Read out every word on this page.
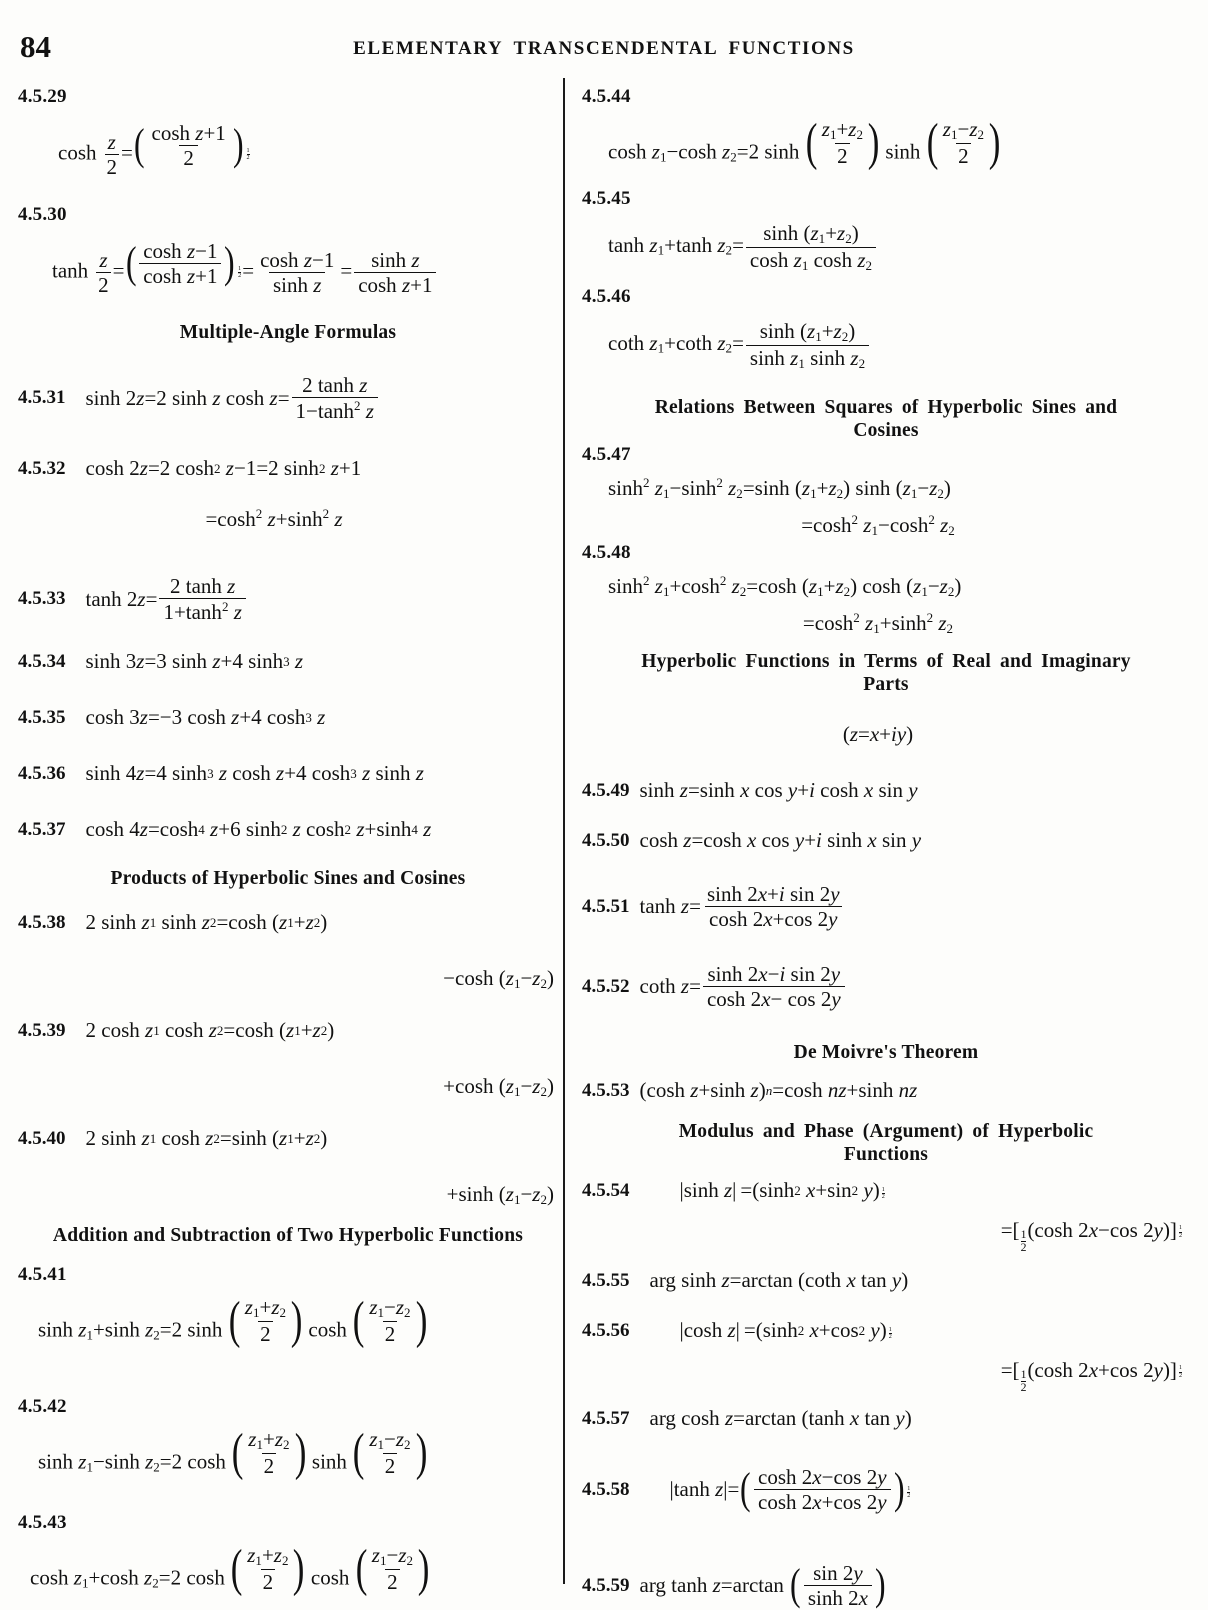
84	ELEMENTARY TRANSCENDENTAL FUNCTIONS
4.5.29
$\cosh \frac{z}{2}$ = ( $\frac{\text{cosh z+1}}{2}$ ) $^{\frac{1}{2}}$
4.5.30
$\tanh \frac{z}{2}$ = ( $\frac{\text{cosh z−1}}{\text{cosh z+1}}$ ) $^{\frac{1}{2}} = \frac{\text{cosh z−1}}{\text{sinh z}} = \frac{\text{sinh z}}{\text{cosh z+1}}$
Multiple-Angle Formulas
4.5.31 sinh 2 z =2 sinh z $\cosh z = \frac{\text{2 tanh z}}{1-\tanh^2 z}$
4.5.32 cosh 2 z =2 cosh 2
z −1=2 sinh 2
z +1
$=\cosh^2$ $z+\sinh^2$ z
4.5.33 tanh 2 $z = \frac{\text{2 tanh z}}{1+\tanh^2 z}$
4.5.34 sinh 3 z =3 sinh z +4 sinh 3
z
4.5.35 cosh 3 z =−3 cosh z +4 cosh 3
z
4.5.36 sinh 4 z =4 sinh 3
z cosh z +4 cosh 3
z sinh z
4.5.37 cosh 4 z =cosh 4
z +6 sinh 2
z cosh 2
z +sinh 4
z
Products of Hyperbolic Sines and Cosines
4.5.38 2 sinh z 1 sinh z 2 =cosh ( z 1 + z 2 )
−cosh $(z_1-z_2)$
4.5.39 2 cosh z 1 cosh z 2 =cosh ( z 1 + z 2 )
+cosh $(z_1-z_2)$
4.5.40 2 sinh z 1 cosh z 2 =sinh ( z 1 + z 2 )
+sinh $(z_1-z_2)$
Addition and Subtraction of Two Hyperbolic Functions
4.5.41
$\sinh z_1+\sinh$ $z_2=2$ sinh ( $\frac{z_1+z_2}{2}$ ) cosh ( $\frac{z_1-z_2}{2}$ )
4.5.42
$\sinh z_1-\sinh$ $z_2=2$ cosh ( $\frac{z_1+z_2}{2}$ ) sinh ( $\frac{z_1-z_2}{2}$ )
4.5.43
$\cosh z_1+\cosh$ $z_2=2$ cosh ( $\frac{z_1+z_2}{2}$ ) cosh ( $\frac{z_1-z_2}{2}$ )
4.5.44
$\cosh z_1-\cosh$ $z_2=2$ sinh ( $\frac{z_1+z_2}{2}$ ) sinh ( $\frac{z_1-z_2}{2}$ )
4.5.45
$\tanh z_1+\tanh$ $z_2= \frac{\sinh (z_1+z_2)}{\cosh z_1 \cosh z_2}$
4.5.46
coth $z_1+\cot h$ $z_2= \frac{\sinh (z_1+z_2)}{\sinh z_1 \sinh z_2}$
Relations Between Squares of Hyperbolic Sines and
Cosines
4.5.47
$\sinh^2 z_1-\sinh^2$ $z_2=\sinh$ $(z_1+z_2)$ $\sinh (z_1-z_2)$
$=\cosh^2$ $z_1-\cosh^2$ $z_2$
4.5.48
$\sinh^2 z_1+\cosh^2$ $z_2=\cosh$ $(z_1+z_2)$ $\cosh (z_1-z_2)$
$=\cosh^2$ $z_1+\sinh^2$ $z_2$
Hyperbolic Functions in Terms of Real and Imaginary
Parts
(z=x+iy)
4.5.49 sinh z =sinh x cos y + i cosh x sin y
4.5.50 cosh z =cosh x cos y + i sinh x sin y
4.5.51 $\tanh z = \frac{\text{sinh 2x+i sin 2y}}{\cosh 2x+\cos 2y}$
4.5.52 coth $z = \frac{\text{sinh 2x−i sin 2y}}{\cosh 2x- \cos 2y}$
De Moivre's Theorem
4.5.53 (cosh z +sinh z ) n =cosh nz +sinh nz
Modulus and Phase (Argument) of Hyperbolic
Functions
4.5.54 |sinh z | =(sinh 2
x +sin 2
y ) $\frac{1}{2}$
=[ $\frac{1}{2} (\cosh$ 2x−cos 2y)] $^{\frac{1}{2}}$
4.5.55 arg sinh z =arctan (coth x tan y )
4.5.56 |cosh z | =(sinh 2
x +cos 2
y ) $\frac{1}{2}$
=[ $\frac{1}{2} (\cosh$ 2x+cos 2y)] $^{\frac{1}{2}}$
4.5.57 arg cosh z =arctan (tanh x tan y )
4.5.58 |tanh z |= ( $\frac{\cosh 2x-\cos 2y}{\cosh 2x+\cos 2y}$ ) $\frac{1}{2}$
4.5.59 arg tanh z =arctan ( $\frac{\sin 2y}{\sinh 2x}$ )
